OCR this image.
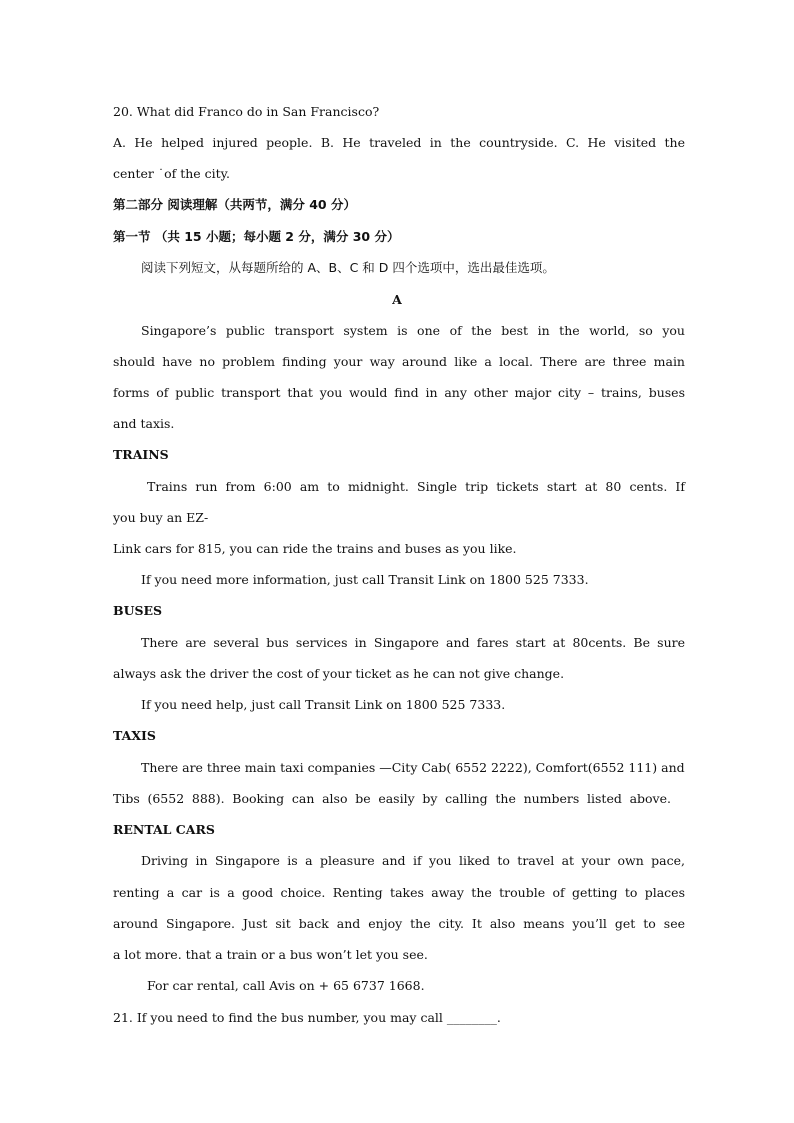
20. What did Franco do in San Francisco?
A. He helped injured people. B. He traveled in the countryside. C. He visited the
center ˙of the city.
第二部分 阅读理解（共两节，满分 40 分）
第一节 （共 15 小题；每小题 2 分，满分 30 分）
阅读下列短文，从每题所给的 A、B、C 和 D 四个选项中，选出最佳选项。
A
Singapore’s public transport system is one of the best in the world, so you
should have no problem finding your way around like a local. There are three main
forms of public transport that you would find in any other major city – trains, buses
and taxis.
TRAINS
Trains run from 6:00 am to midnight. Single trip tickets start at 80 cents. If
you buy an EZ-
Link cars for 815, you can ride the trains and buses as you like.
If you need more information, just call Transit Link on 1800 525 7333.
BUSES
There are several bus services in Singapore and fares start at 80cents. Be sure
always ask the driver the cost of your ticket as he can not give change.
If you need help, just call Transit Link on 1800 525 7333.
TAXIS
There are three main taxi companies —City Cab( 6552 2222), Comfort(6552 111) and
Tibs (6552 888). Booking can also be easily by calling the numbers listed above.
RENTAL CARS
Driving in Singapore is a pleasure and if you liked to travel at your own pace,
renting a car is a good choice. Renting takes away the trouble of getting to places
around Singapore. Just sit back and enjoy the city. It also means you’ll get to see
a lot more. that a train or a bus won’t let you see.
For car rental, call Avis on + 65 6737 1668.
21. If you need to find the bus number, you may call ________.
